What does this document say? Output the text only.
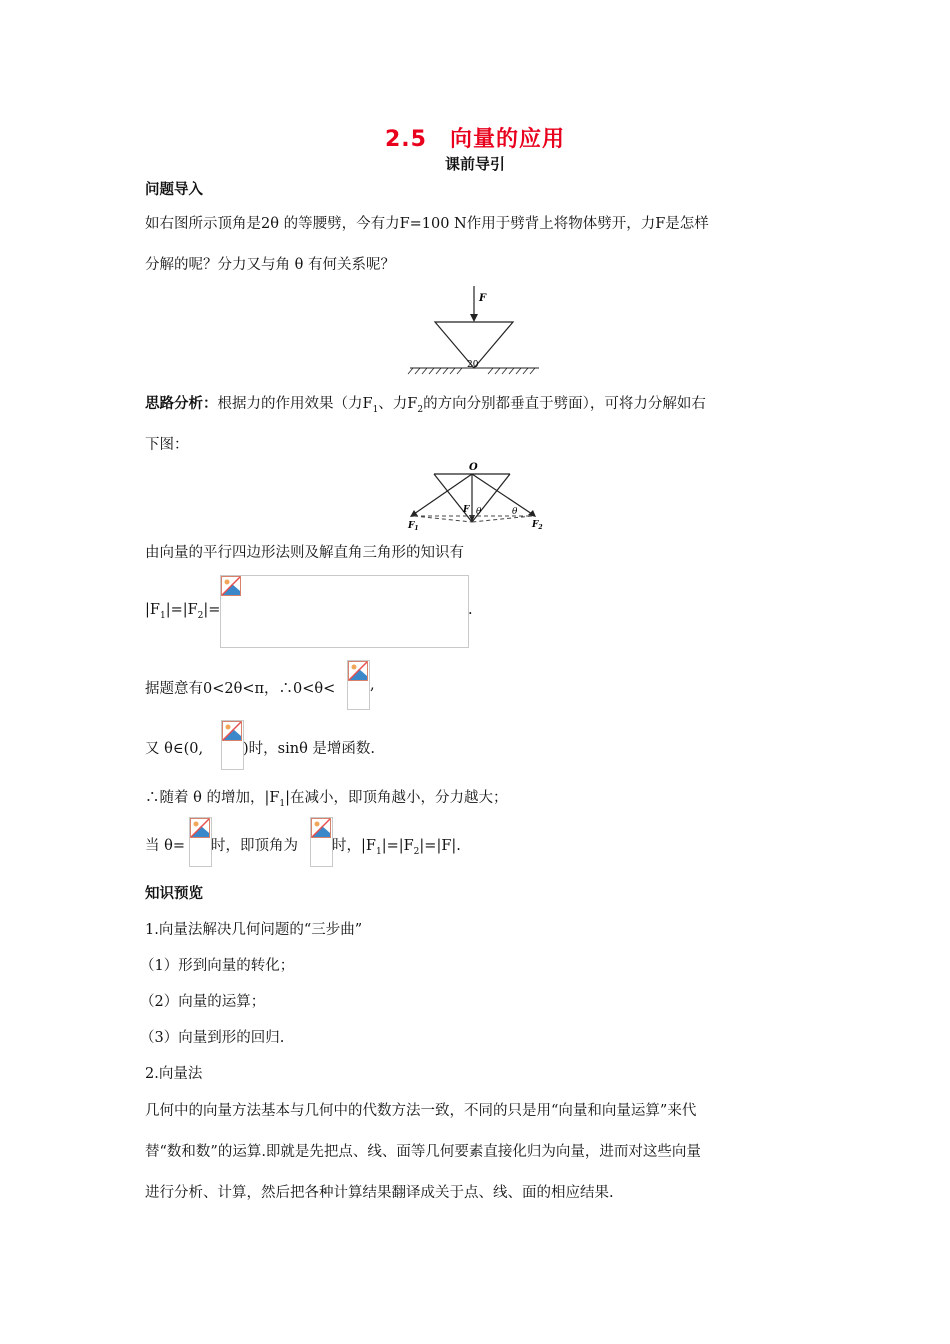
2.5　向量的应用
课前导引
问题导入
如右图所示顶角是2θ 的等腰劈，今有力F=100 N作用于劈背上将物体劈开，力F是怎样
分解的呢？分力又与角 θ 有何关系呢？
F
20
思路分析：根据力的作用效果（力$F_1$、力$F_2$的方向分别都垂直于劈面），可将力分解如右
下图：
O
F θ	θ
$F_1$	$F_2$
由向量的平行四边形法则及解直角三角形的知识有
$|F_1|=|F_2|=$	.
据题意有0<2θ<π，∴0<θ<	,
又 θ∈(0,	)时，sinθ 是增函数.
∴随着 θ 的增加，$|F_1|$在减小，即顶角越小，分力越大；
当 θ= 时，即顶角为 时，$|F_1|=|F_2|=|F|$.
知识预览
1.向量法解决几何问题的“三步曲”
（1）形到向量的转化；
（2）向量的运算；
（3）向量到形的回归.
2.向量法
几何中的向量方法基本与几何中的代数方法一致，不同的只是用“向量和向量运算”来代
替“数和数”的运算.即就是先把点、线、面等几何要素直接化归为向量，进而对这些向量
进行分析、计算，然后把各种计算结果翻译成关于点、线、面的相应结果.
